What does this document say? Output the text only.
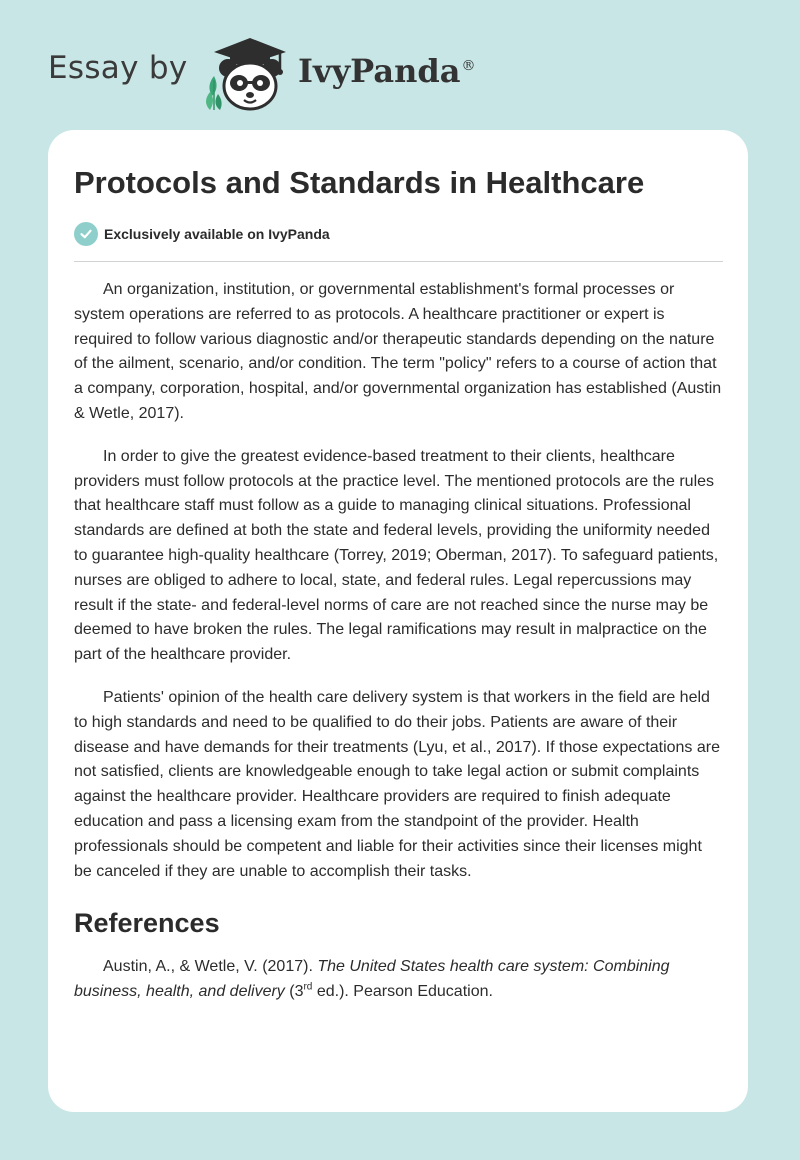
Essay by	IvyPanda®
Protocols and Standards in Healthcare
Exclusively available on IvyPanda

An organization, institution, or governmental establishment's formal processes or system operations are referred to as protocols. A healthcare practitioner or expert is required to follow various diagnostic and/or therapeutic standards depending on the nature of the ailment, scenario, and/or condition. The term "policy" refers to a course of action that a company, corporation, hospital, and/or governmental organization has established (Austin & Wetle, 2017).

In order to give the greatest evidence-based treatment to their clients, healthcare providers must follow protocols at the practice level. The mentioned protocols are the rules that healthcare staff must follow as a guide to managing clinical situations. Professional standards are defined at both the state and federal levels, providing the uniformity needed to guarantee high-quality healthcare (Torrey, 2019; Oberman, 2017). To safeguard patients, nurses are obliged to adhere to local, state, and federal rules. Legal repercussions may result if the state- and federal-level norms of care are not reached since the nurse may be deemed to have broken the rules. The legal ramifications may result in malpractice on the part of the healthcare provider.

Patients' opinion of the health care delivery system is that workers in the field are held to high standards and need to be qualified to do their jobs. Patients are aware of their disease and have demands for their treatments (Lyu, et al., 2017). If those expectations are not satisfied, clients are knowledgeable enough to take legal action or submit complaints against the healthcare provider. Healthcare providers are required to finish adequate education and pass a licensing exam from the standpoint of the provider. Health professionals should be competent and liable for their activities since their licenses might be canceled if they are unable to accomplish their tasks.

References

Austin, A., & Wetle, V. (2017). The United States health care system: Combining business, health, and delivery (3rd ed.). Pearson Education.
